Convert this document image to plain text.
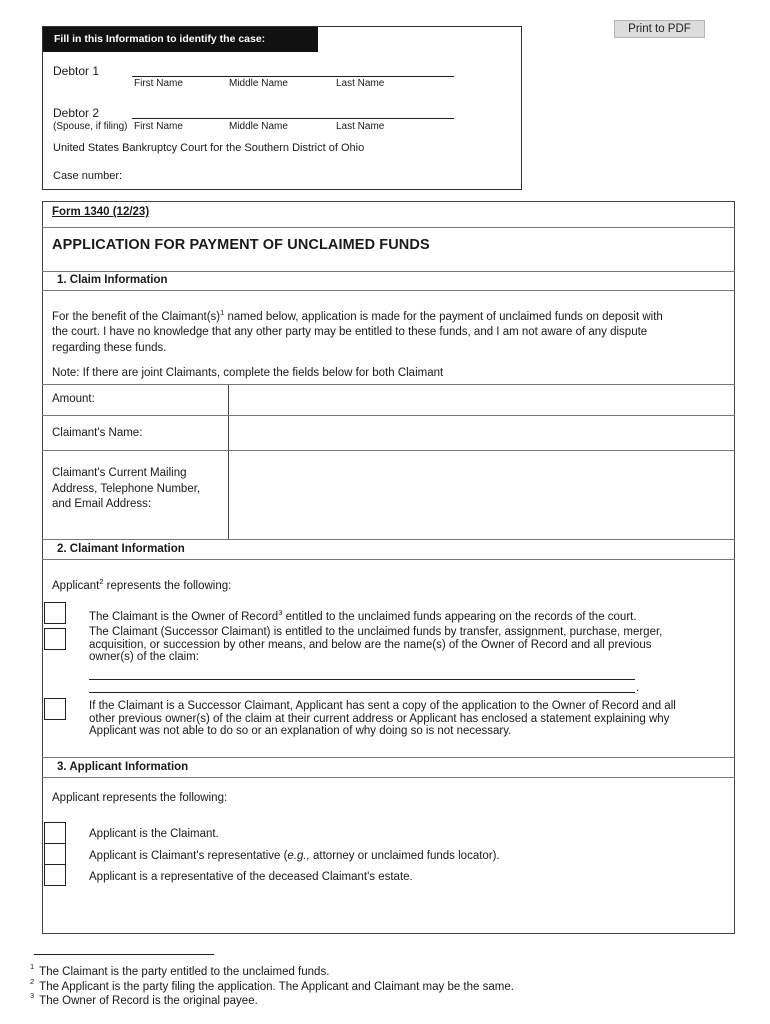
Print to PDF
Fill in this Information to identify the case:
Debtor 1
First Name	Middle Name	Last Name
Debtor 2
(Spouse, if filing) First Name	Middle Name	Last Name
United States Bankruptcy Court for the Southern District of Ohio
Case number:
Form 1340 (12/23)
APPLICATION FOR PAYMENT OF UNCLAIMED FUNDS
1. Claim Information
For the benefit of the $Claimant(s)^1$ named below, application is made for the payment of unclaimed funds on deposit with
the court. I have no knowledge that any other party may be entitled to these funds, and I am not aware of any dispute
regarding these funds.
Note: If there are joint Claimants, complete the fields below for both Claimant
Amount:
Claimant's Name:
Claimant's Current Mailing
Address, Telephone Number,
and Email Address:
2. Claimant Information
Applicant$^2$ represents the following:
The Claimant is the Owner of Record$^3$ entitled to the unclaimed funds appearing on the records of the court.
The Claimant (Successor Claimant) is entitled to the unclaimed funds by transfer, assignment, purchase, merger,
acquisition, or succession by other means, and below are the name(s) of the Owner of Record and all previous
owner(s) of the claim:
.
If the Claimant is a Successor Claimant, Applicant has sent a copy of the application to the Owner of Record and all
other previous owner(s) of the claim at their current address or Applicant has enclosed a statement explaining why
Applicant was not able to do so or an explanation of why doing so is not necessary.
3. Applicant Information
Applicant represents the following:
Applicant is the Claimant.
Applicant is Claimant's representative (e.g., attorney or unclaimed funds locator).
Applicant is a representative of the deceased Claimant's estate.
$^1$ The Claimant is the party entitled to the unclaimed funds.
$^2$ The Applicant is the party filing the application. The Applicant and Claimant may be the same.
$^3$ The Owner of Record is the original payee.
